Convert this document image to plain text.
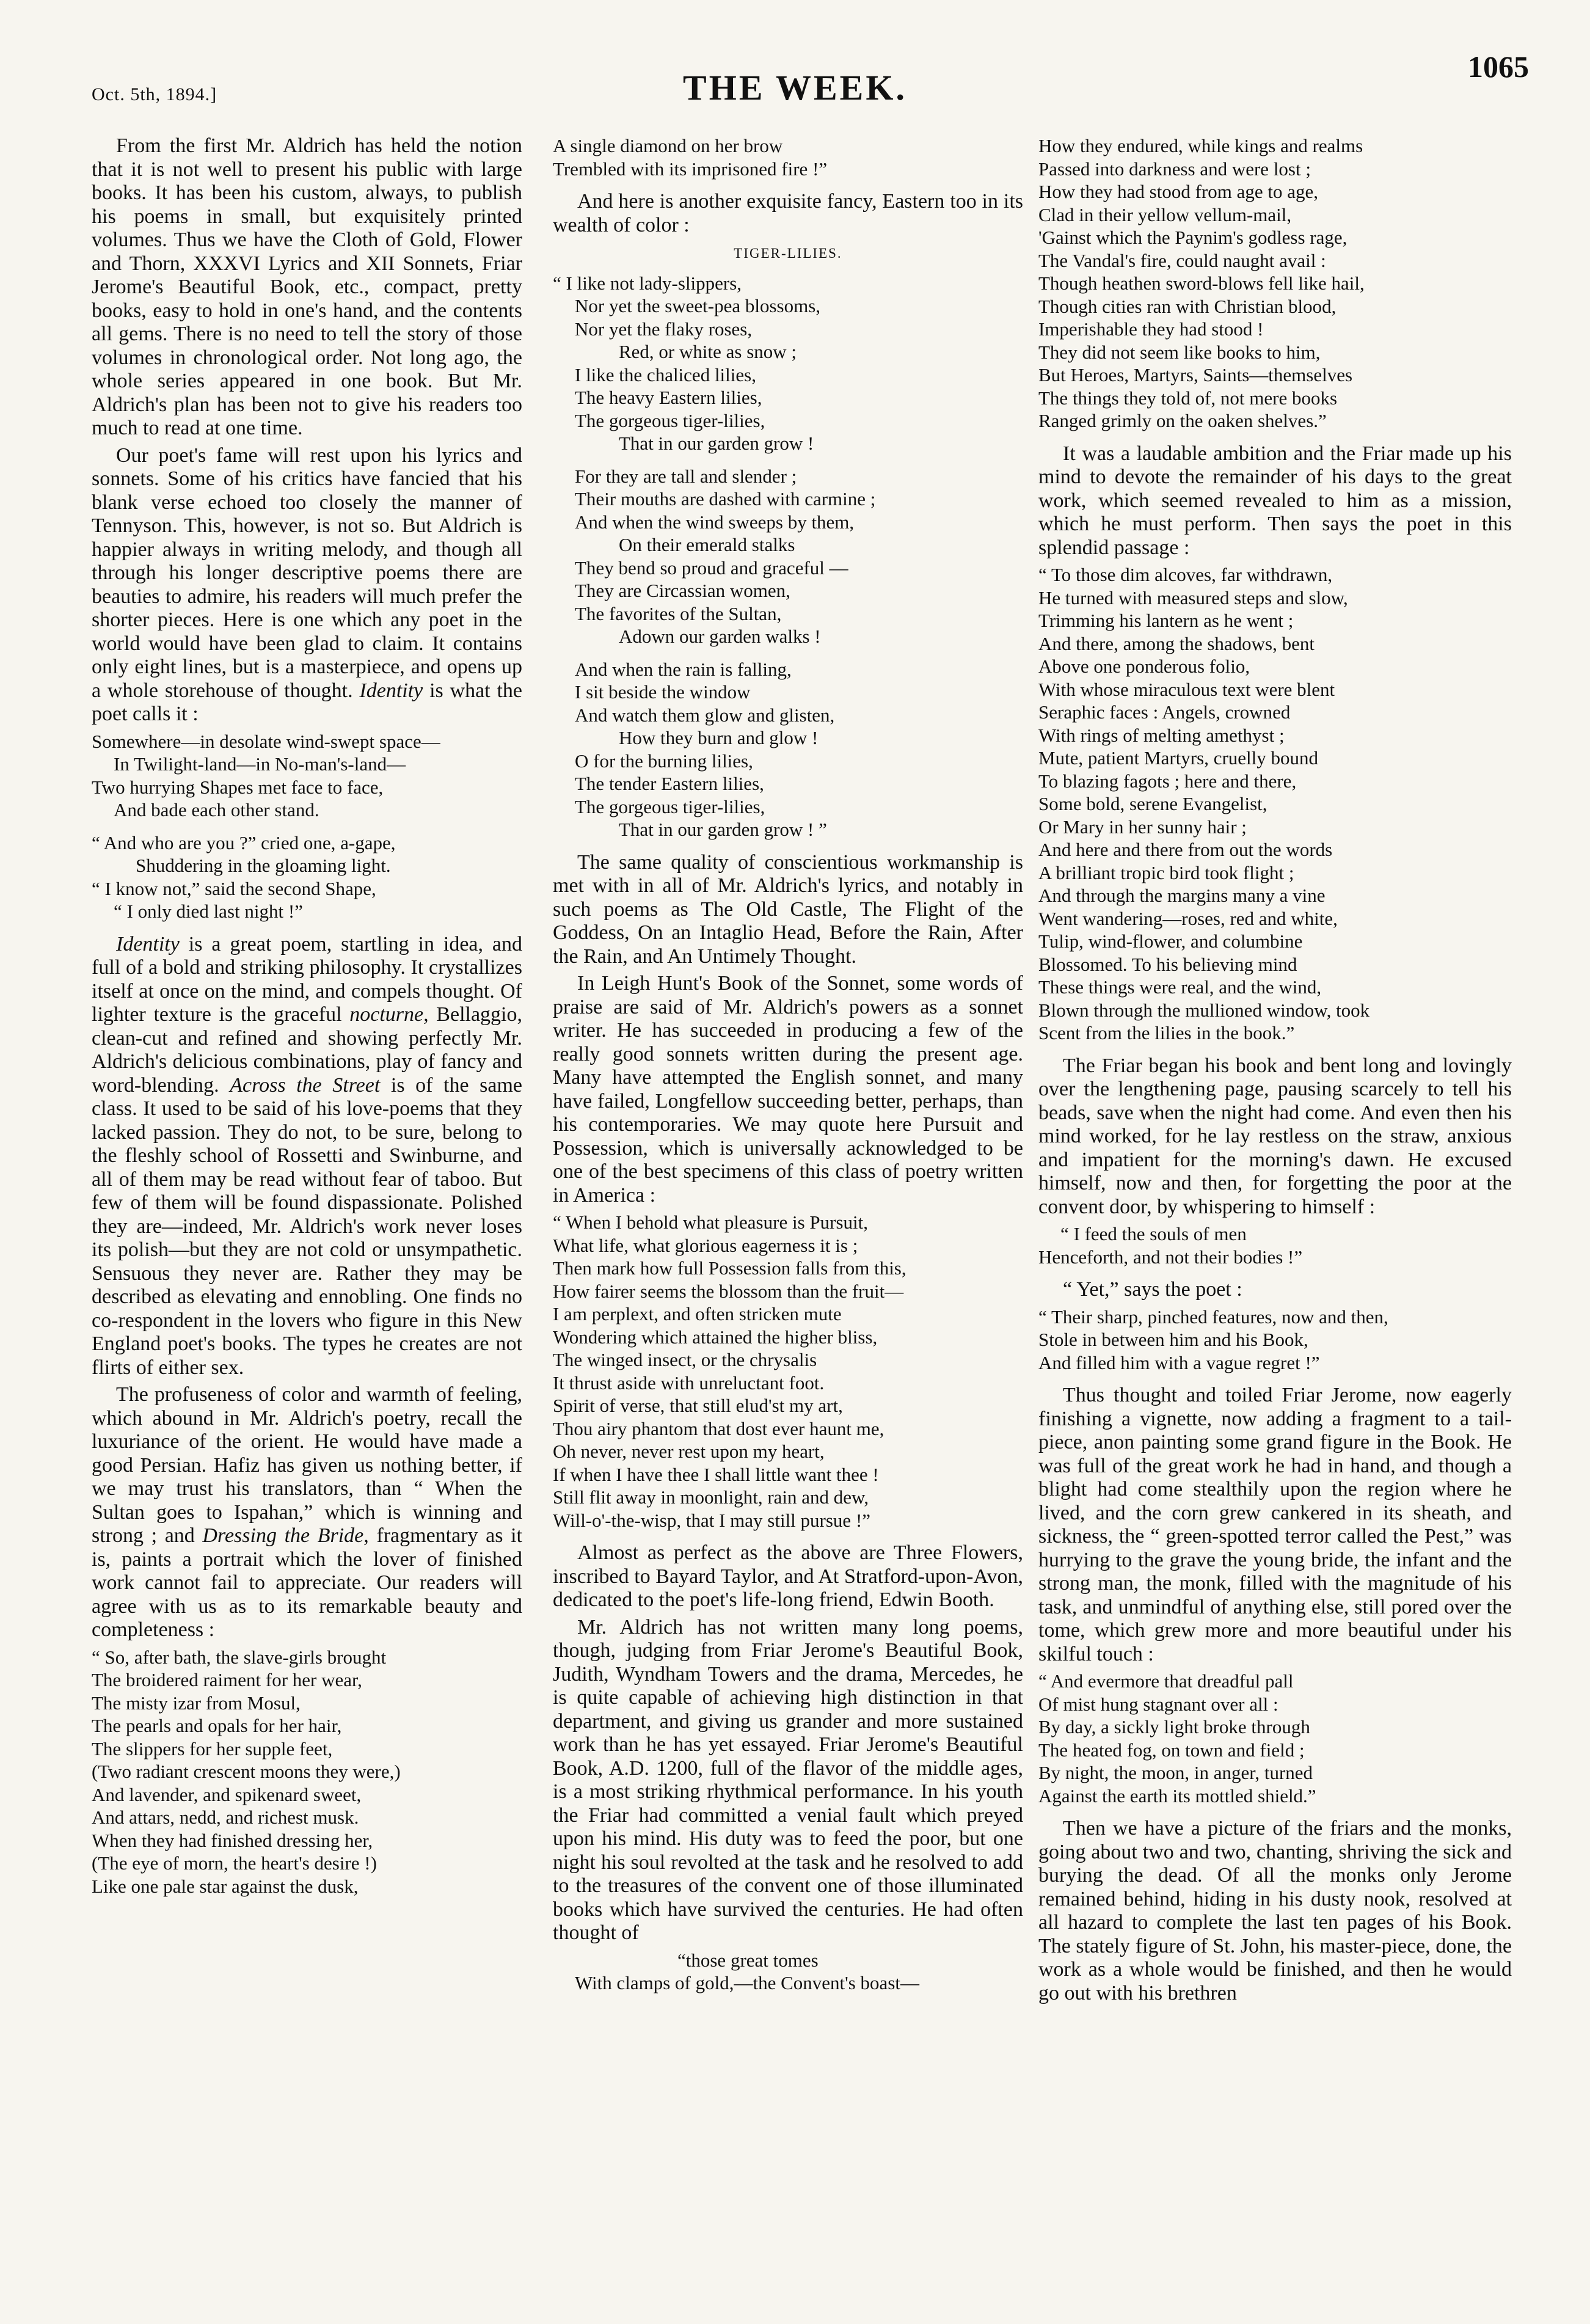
Oct. 5th, 1894.]	THE WEEK.
1065

From the first Mr. Aldrich has held the notion that it is not well to present his public with large books. It has been his custom, always, to publish his poems in small, but exquisitely printed volumes. Thus we have the Cloth of Gold, Flower and Thorn, XXXVI Lyrics and XII Sonnets, Friar Jerome's Beautiful Book, etc., compact, pretty books, easy to hold in one's hand, and the contents all gems. There is no need to tell the story of those volumes in chronological order. Not long ago, the whole series appeared in one book. But Mr. Aldrich's plan has been not to give his readers too much to read at one time.

Our poet's fame will rest upon his lyrics and sonnets. Some of his critics have fancied that his blank verse echoed too closely the manner of Tennyson. This, however, is not so. But Aldrich is happier always in writing melody, and though all through his longer descriptive poems there are beauties to admire, his readers will much prefer the shorter pieces. Here is one which any poet in the world would have been glad to claim. It contains only eight lines, but is a masterpiece, and opens up a whole storehouse of thought. Identity is what the poet calls it :

Somewhere—in desolate wind-swept space—
In Twilight-land—in No-man's-land—
Two hurrying Shapes met face to face,
And bade each other stand.
“ And who are you ?” cried one, a-gape,
Shuddering in the gloaming light.
“ I know not,” said the second Shape,
“ I only died last night !”

Identity is a great poem, startling in idea, and full of a bold and striking philosophy. It crystallizes itself at once on the mind, and compels thought. Of lighter texture is the graceful nocturne, Bellaggio, clean-cut and refined and showing perfectly Mr. Aldrich's delicious combinations, play of fancy and word-blending. Across the Street is of the same class. It used to be said of his love-poems that they lacked passion. They do not, to be sure, belong to the fleshly school of Rossetti and Swinburne, and all of them may be read without fear of taboo. But few of them will be found dispassionate. Polished they are—indeed, Mr. Aldrich's work never loses its polish—but they are not cold or unsympathetic. Sensuous they never are. Rather they may be described as elevating and ennobling. One finds no co-respondent in the lovers who figure in this New England poet's books. The types he creates are not flirts of either sex.

The profuseness of color and warmth of feeling, which abound in Mr. Aldrich's poetry, recall the luxuriance of the orient. He would have made a good Persian. Hafiz has given us nothing better, if we may trust his translators, than “ When the Sultan goes to Ispahan,” which is winning and strong ; and Dressing the Bride, fragmentary as it is, paints a portrait which the lover of finished work cannot fail to appreciate. Our readers will agree with us as to its remarkable beauty and completeness :

“ So, after bath, the slave-girls brought
The broidered raiment for her wear,
The misty izar from Mosul,
The pearls and opals for her hair,
The slippers for her supple feet,
(Two radiant crescent moons they were,)
And lavender, and spikenard sweet,
And attars, nedd, and richest musk.
When they had finished dressing her,
(The eye of morn, the heart's desire !)
Like one pale star against the dusk,
A single diamond on her brow
Trembled with its imprisoned fire !”

And here is another exquisite fancy, Eastern too in its wealth of color :

TIGER-LILIES.
“ I like not lady-slippers,
Nor yet the sweet-pea blossoms,
Nor yet the flaky roses,
Red, or white as snow ;
I like the chaliced lilies,
The heavy Eastern lilies,
The gorgeous tiger-lilies,
That in our garden grow !
For they are tall and slender ;
Their mouths are dashed with carmine ;
And when the wind sweeps by them,
On their emerald stalks
They bend so proud and graceful —
They are Circassian women,
The favorites of the Sultan,
Adown our garden walks !
And when the rain is falling,
I sit beside the window
And watch them glow and glisten,
How they burn and glow !
O for the burning lilies,
The tender Eastern lilies,
The gorgeous tiger-lilies,
That in our garden grow ! ”

The same quality of conscientious workmanship is met with in all of Mr. Aldrich's lyrics, and notably in such poems as The Old Castle, The Flight of the Goddess, On an Intaglio Head, Before the Rain, After the Rain, and An Untimely Thought.

In Leigh Hunt's Book of the Sonnet, some words of praise are said of Mr. Aldrich's powers as a sonnet writer. He has succeeded in producing a few of the really good sonnets written during the present age. Many have attempted the English sonnet, and many have failed, Longfellow succeeding better, perhaps, than his contemporaries. We may quote here Pursuit and Possession, which is universally acknowledged to be one of the best specimens of this class of poetry written in America :

“ When I behold what pleasure is Pursuit,
What life, what glorious eagerness it is ;
Then mark how full Possession falls from this,
How fairer seems the blossom than the fruit—
I am perplext, and often stricken mute
Wondering which attained the higher bliss,
The winged insect, or the chrysalis
It thrust aside with unreluctant foot.
Spirit of verse, that still elud'st my art,
Thou airy phantom that dost ever haunt me,
Oh never, never rest upon my heart,
If when I have thee I shall little want thee !
Still flit away in moonlight, rain and dew,
Will-o'-the-wisp, that I may still pursue !”

Almost as perfect as the above are Three Flowers, inscribed to Bayard Taylor, and At Stratford-upon-Avon, dedicated to the poet's life-long friend, Edwin Booth.

Mr. Aldrich has not written many long poems, though, judging from Friar Jerome's Beautiful Book, Judith, Wyndham Towers and the drama, Mercedes, he is quite capable of achieving high distinction in that department, and giving us grander and more sustained work than he has yet essayed. Friar Jerome's Beautiful Book, A.D. 1200, full of the flavor of the middle ages, is a most striking rhythmical performance. In his youth the Friar had committed a venial fault which preyed upon his mind. His duty was to feed the poor, but one night his soul revolted at the task and he resolved to add to the treasures of the convent one of those illuminated books which have survived the centuries. He had often thought of

“those great tomes
With clamps of gold,—the Convent's boast—
How they endured, while kings and realms
Passed into darkness and were lost ;
How they had stood from age to age,
Clad in their yellow vellum-mail,
'Gainst which the Paynim's godless rage,
The Vandal's fire, could naught avail :
Though heathen sword-blows fell like hail,
Though cities ran with Christian blood,
Imperishable they had stood !
They did not seem like books to him,
But Heroes, Martyrs, Saints—themselves
The things they told of, not mere books
Ranged grimly on the oaken shelves.”

It was a laudable ambition and the Friar made up his mind to devote the remainder of his days to the great work, which seemed revealed to him as a mission, which he must perform. Then says the poet in this splendid passage :

“ To those dim alcoves, far withdrawn,
He turned with measured steps and slow,
Trimming his lantern as he went ;
And there, among the shadows, bent
Above one ponderous folio,
With whose miraculous text were blent
Seraphic faces : Angels, crowned
With rings of melting amethyst ;
Mute, patient Martyrs, cruelly bound
To blazing fagots ; here and there,
Some bold, serene Evangelist,
Or Mary in her sunny hair ;
And here and there from out the words
A brilliant tropic bird took flight ;
And through the margins many a vine
Went wandering—roses, red and white,
Tulip, wind-flower, and columbine
Blossomed. To his believing mind
These things were real, and the wind,
Blown through the mullioned window, took
Scent from the lilies in the book.”

The Friar began his book and bent long and lovingly over the lengthening page, pausing scarcely to tell his beads, save when the night had come. And even then his mind worked, for he lay restless on the straw, anxious and impatient for the morning's dawn. He excused himself, now and then, for forgetting the poor at the convent door, by whispering to himself :

“ I feed the souls of men
Henceforth, and not their bodies !”

“ Yet,” says the poet :

“ Their sharp, pinched features, now and then,
Stole in between him and his Book,
And filled him with a vague regret !”

Thus thought and toiled Friar Jerome, now eagerly finishing a vignette, now adding a fragment to a tail-piece, anon painting some grand figure in the Book. He was full of the great work he had in hand, and though a blight had come stealthily upon the region where he lived, and the corn grew cankered in its sheath, and sickness, the “ green-spotted terror called the Pest,” was hurrying to the grave the young bride, the infant and the strong man, the monk, filled with the magnitude of his task, and unmindful of anything else, still pored over the tome, which grew more and more beautiful under his skilful touch :

“ And evermore that dreadful pall
Of mist hung stagnant over all :
By day, a sickly light broke through
The heated fog, on town and field ;
By night, the moon, in anger, turned
Against the earth its mottled shield.”

Then we have a picture of the friars and the monks, going about two and two, chanting, shriving the sick and burying the dead. Of all the monks only Jerome remained behind, hiding in his dusty nook, resolved at all hazard to complete the last ten pages of his Book. The stately figure of St. John, his master-piece, done, the work as a whole would be finished, and then he would go out with his brethren
